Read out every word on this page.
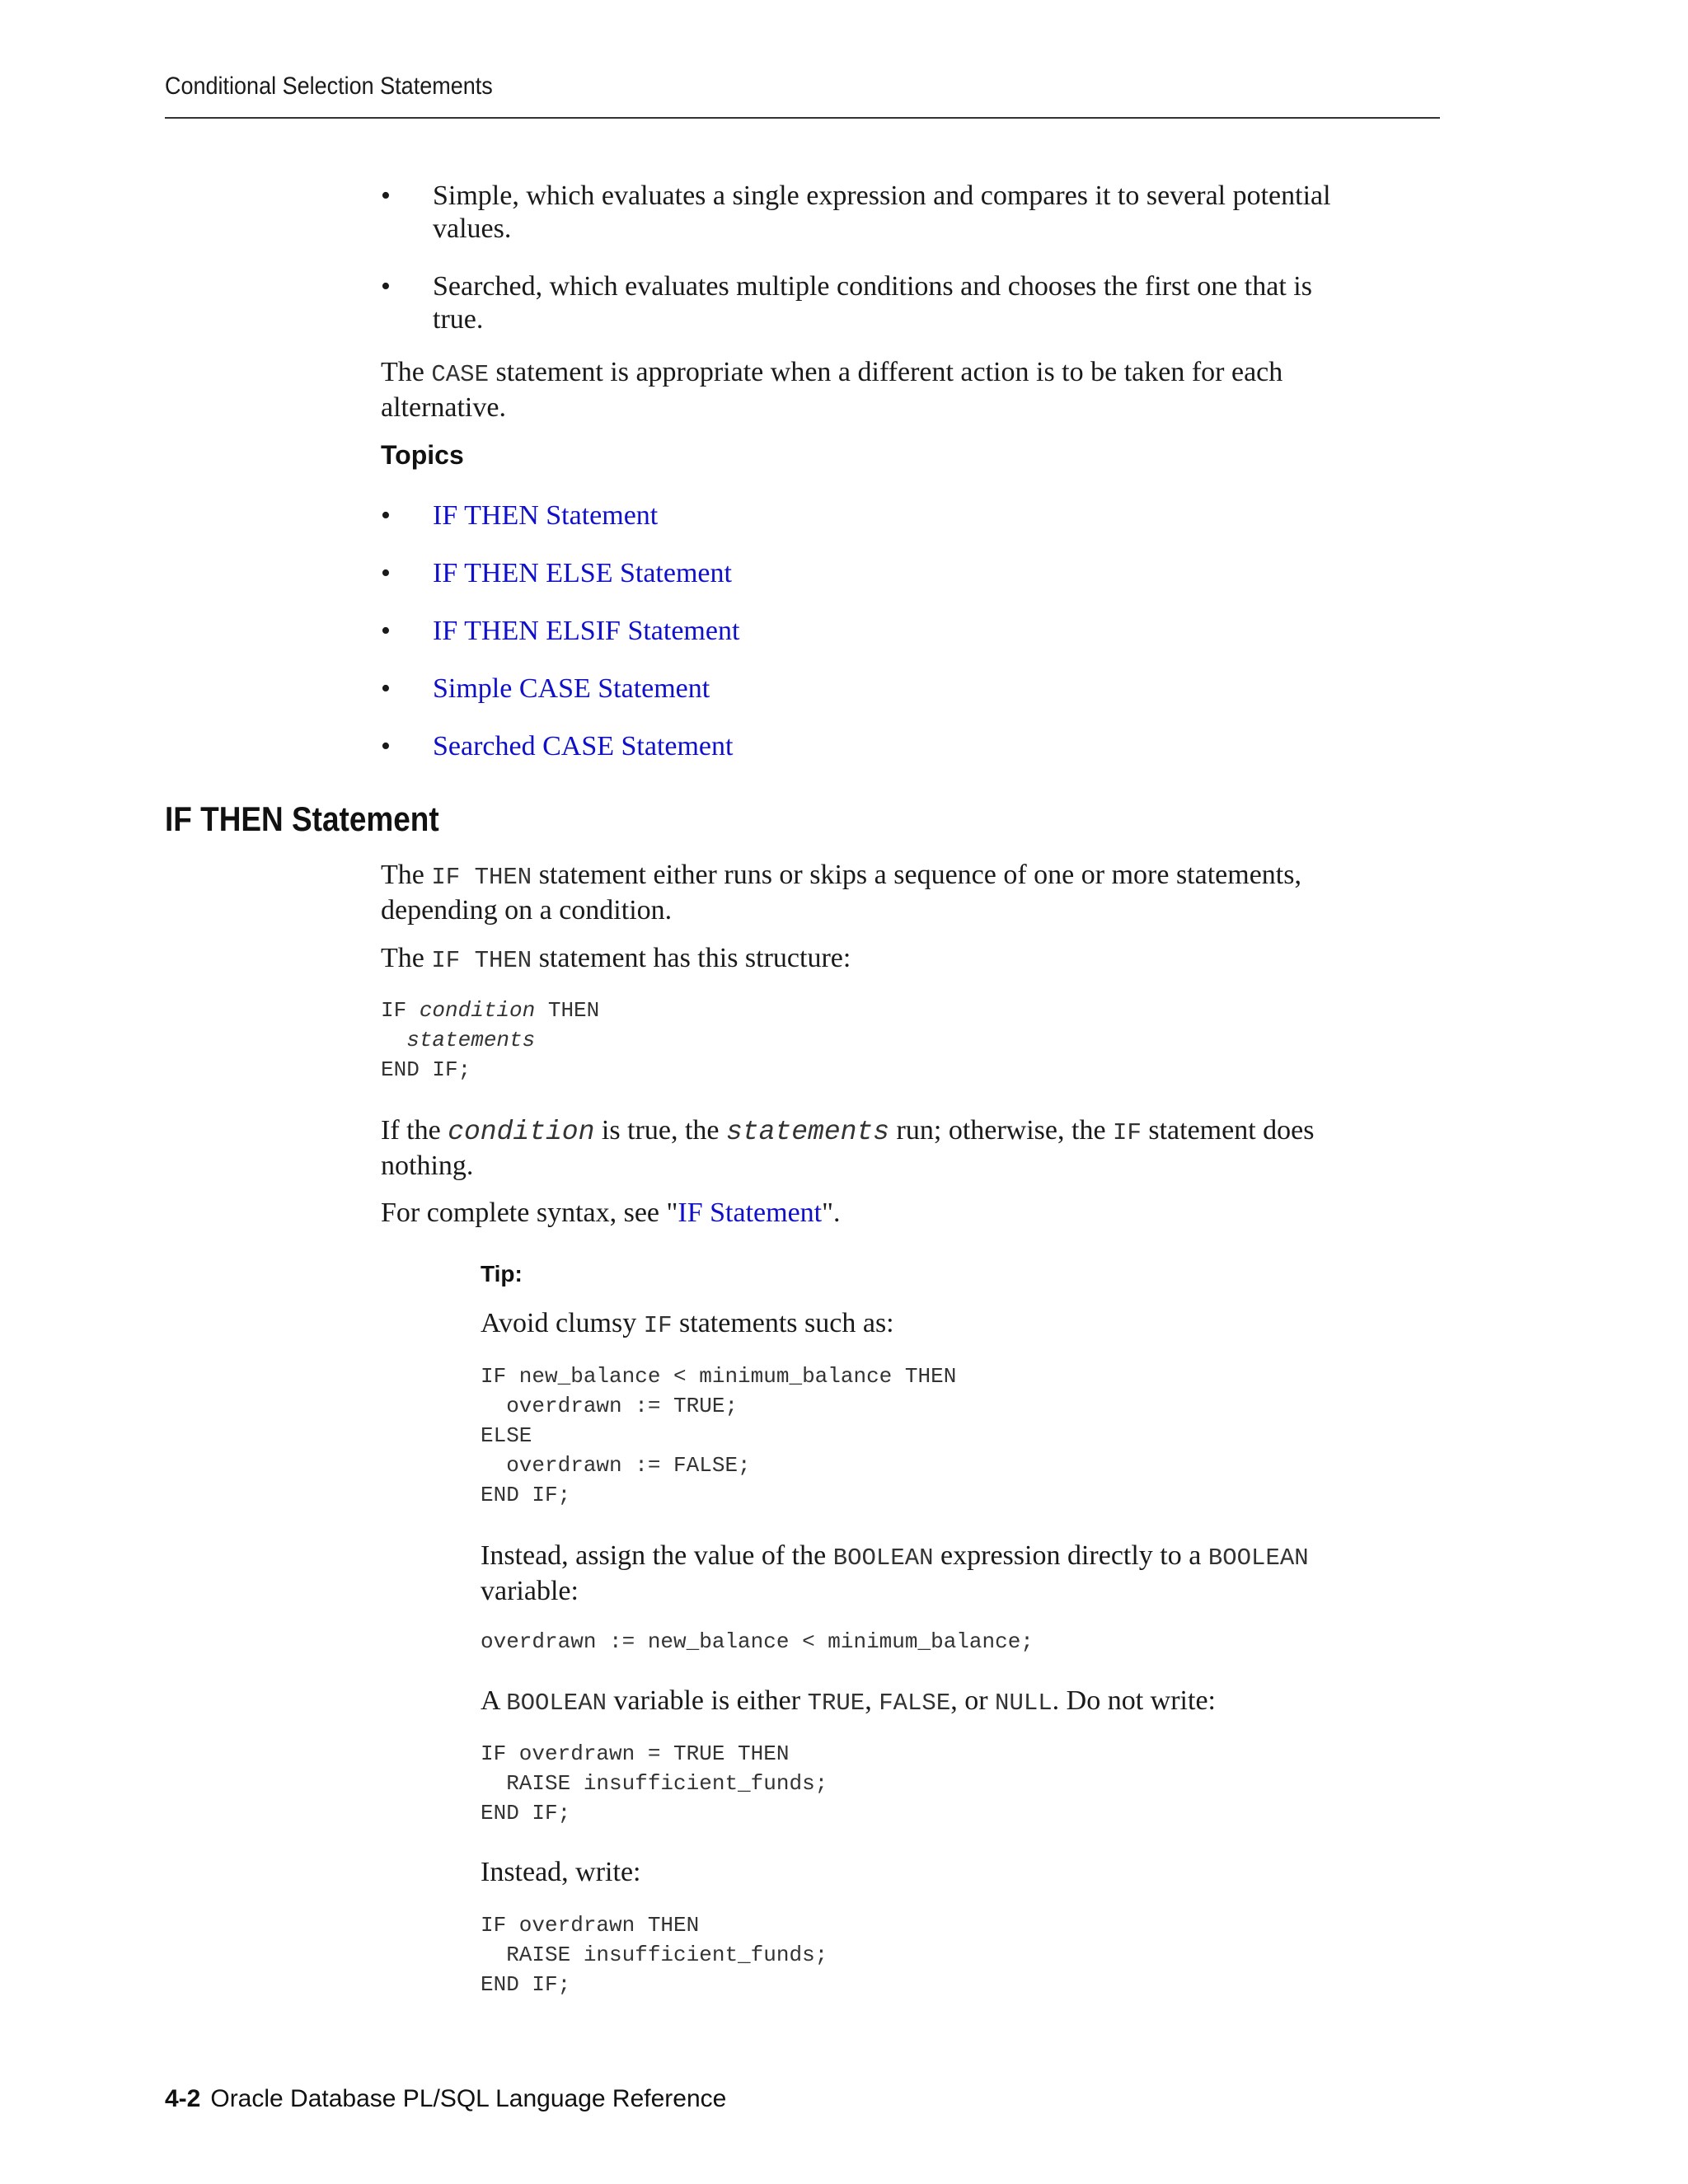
Conditional Selection Statements
• Simple, which evaluates a single expression and compares it to several potential
values.
• Searched, which evaluates multiple conditions and chooses the first one that is
true.
The CASE statement is appropriate when a different action is to be taken for each
alternative.
Topics
• IF THEN Statement
• IF THEN ELSE Statement
• IF THEN ELSIF Statement
• Simple CASE Statement
• Searched CASE Statement
IF THEN Statement
The IF THEN statement either runs or skips a sequence of one or more statements,
depending on a condition.
The IF THEN statement has this structure:
IF condition THEN
statements
END IF;
If the condition is true, the statements run; otherwise, the IF statement does
nothing.
For complete syntax, see "IF Statement".
Tip:
Avoid clumsy IF statements such as:
IF new_balance < minimum_balance THEN
overdrawn := TRUE;
ELSE
overdrawn := FALSE;
END IF;
Instead, assign the value of the BOOLEAN expression directly to a BOOLEAN
variable:
overdrawn := new_balance < minimum_balance;
A BOOLEAN variable is either TRUE, FALSE, or NULL. Do not write:
IF overdrawn = TRUE THEN
RAISE insufficient_funds;
END IF;
Instead, write:
IF overdrawn THEN
RAISE insufficient_funds;
END IF;
4-2 Oracle Database PL/SQL Language Reference
